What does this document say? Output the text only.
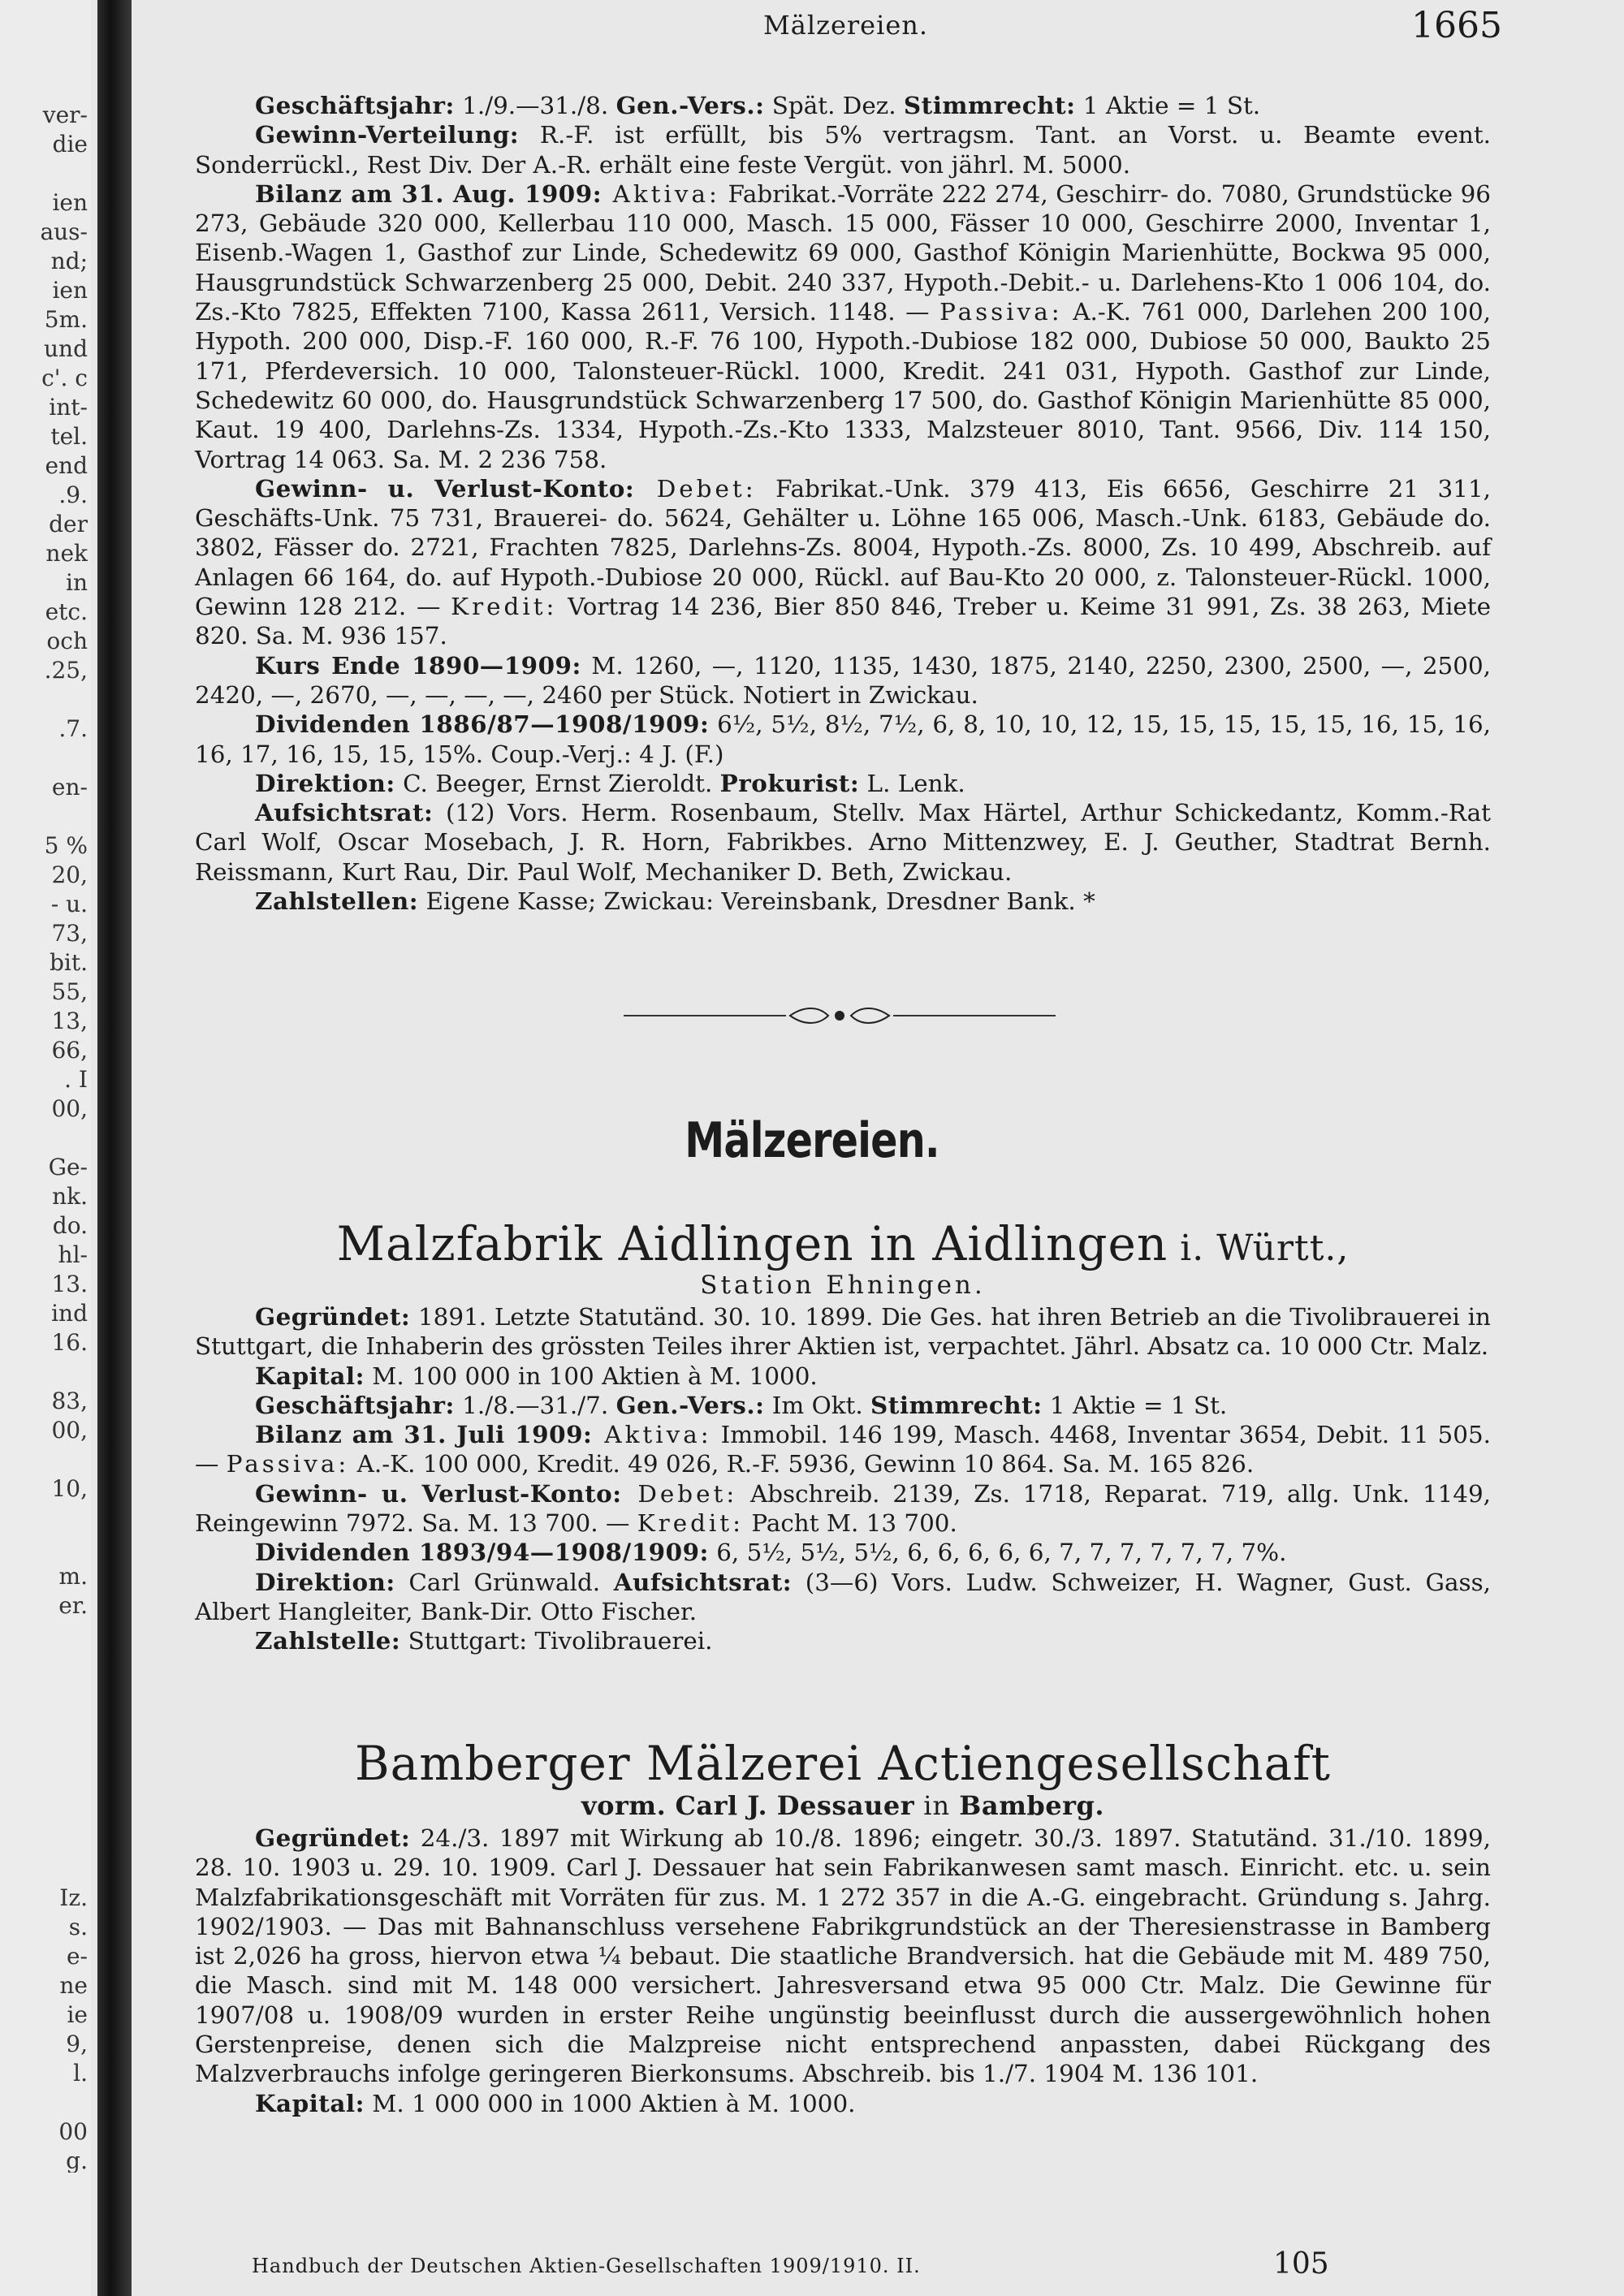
ver-
die
ien
aus-
nd;
ien
5m.
und
c'. c
int-
tel.
end
.9.
der
nek
in
etc.
och
.25,
.7.
en-
5 %
20,
- u.
73,
bit.
55,
13,
66,
. I
00,
Ge-
nk.
do.
hl-
13.
ind
16.
83,
00,
10,
m.
er.
Iz.
s.
e-
ne
ie
9,
l.
00
g.
Mälzereien.	1665

Geschäftsjahr: 1./9.—31./8. Gen.-Vers.: Spät. Dez. Stimmrecht: 1 Aktie = 1 St.

Gewinn-Verteilung: R.-F. ist erfüllt, bis 5% vertragsm. Tant. an Vorst. u. Beamte event. Sonderrückl., Rest Div. Der A.-R. erhält eine feste Vergüt. von jährl. M. 5000.

Bilanz am 31. Aug. 1909: Aktiva: Fabrikat.-Vorräte 222 274, Geschirr- do. 7080, Grundstücke 96 273, Gebäude 320 000, Kellerbau 110 000, Masch. 15 000, Fässer 10 000, Geschirre 2000, Inventar 1, Eisenb.-Wagen 1, Gasthof zur Linde, Schedewitz 69 000, Gasthof Königin Marienhütte, Bockwa 95 000, Hausgrundstück Schwarzenberg 25 000, Debit. 240 337, Hypoth.-Debit.- u. Darlehens-Kto 1 006 104, do. Zs.-Kto 7825, Effekten 7100, Kassa 2611, Versich. 1148. — Passiva: A.-K. 761 000, Darlehen 200 100, Hypoth. 200 000, Disp.-F. 160 000, R.-F. 76 100, Hypoth.-Dubiose 182 000, Dubiose 50 000, Baukto 25 171, Pferdeversich. 10 000, Talonsteuer-Rückl. 1000, Kredit. 241 031, Hypoth. Gasthof zur Linde, Schedewitz 60 000, do. Hausgrundstück Schwarzenberg 17 500, do. Gasthof Königin Marienhütte 85 000, Kaut. 19 400, Darlehns-Zs. 1334, Hypoth.-Zs.-Kto 1333, Malzsteuer 8010, Tant. 9566, Div. 114 150, Vortrag 14 063. Sa. M. 2 236 758.

Gewinn- u. Verlust-Konto: Debet: Fabrikat.-Unk. 379 413, Eis 6656, Geschirre 21 311, Geschäfts-Unk. 75 731, Brauerei- do. 5624, Gehälter u. Löhne 165 006, Masch.-Unk. 6183, Gebäude do. 3802, Fässer do. 2721, Frachten 7825, Darlehns-Zs. 8004, Hypoth.-Zs. 8000, Zs. 10 499, Abschreib. auf Anlagen 66 164, do. auf Hypoth.-Dubiose 20 000, Rückl. auf Bau-Kto 20 000, z. Talonsteuer-Rückl. 1000, Gewinn 128 212. — Kredit: Vortrag 14 236, Bier 850 846, Treber u. Keime 31 991, Zs. 38 263, Miete 820. Sa. M. 936 157.

Kurs Ende 1890—1909: M. 1260, —, 1120, 1135, 1430, 1875, 2140, 2250, 2300, 2500, —, 2500, 2420, —, 2670, —, —, —, —, 2460 per Stück. Notiert in Zwickau.

Dividenden 1886/87—1908/1909: 6½, 5½, 8½, 7½, 6, 8, 10, 10, 12, 15, 15, 15, 15, 15, 16, 15, 16, 16, 17, 16, 15, 15, 15%. Coup.-Verj.: 4 J. (F.)

Direktion: C. Beeger, Ernst Zieroldt. Prokurist: L. Lenk.

Aufsichtsrat: (12) Vors. Herm. Rosenbaum, Stellv. Max Härtel, Arthur Schickedantz, Komm.-Rat Carl Wolf, Oscar Mosebach, J. R. Horn, Fabrikbes. Arno Mittenzwey, E. J. Geuther, Stadtrat Bernh. Reissmann, Kurt Rau, Dir. Paul Wolf, Mechaniker D. Beth, Zwickau.

Zahlstellen: Eigene Kasse; Zwickau: Vereinsbank, Dresdner Bank. *

Mälzereien.
Malzfabrik Aidlingen in Aidlingen i. Württ.,
Station Ehningen.

Gegründet: 1891. Letzte Statutänd. 30. 10. 1899. Die Ges. hat ihren Betrieb an die Tivolibrauerei in Stuttgart, die Inhaberin des grössten Teiles ihrer Aktien ist, verpachtet. Jährl. Absatz ca. 10 000 Ctr. Malz.

Kapital: M. 100 000 in 100 Aktien à M. 1000.

Geschäftsjahr: 1./8.—31./7. Gen.-Vers.: Im Okt. Stimmrecht: 1 Aktie = 1 St.

Bilanz am 31. Juli 1909: Aktiva: Immobil. 146 199, Masch. 4468, Inventar 3654, Debit. 11 505. — Passiva: A.-K. 100 000, Kredit. 49 026, R.-F. 5936, Gewinn 10 864. Sa. M. 165 826.

Gewinn- u. Verlust-Konto: Debet: Abschreib. 2139, Zs. 1718, Reparat. 719, allg. Unk. 1149, Reingewinn 7972. Sa. M. 13 700. — Kredit: Pacht M. 13 700.

Dividenden 1893/94—1908/1909: 6, 5½, 5½, 5½, 6, 6, 6, 6, 6, 7, 7, 7, 7, 7, 7, 7%.

Direktion: Carl Grünwald. Aufsichtsrat: (3—6) Vors. Ludw. Schweizer, H. Wagner, Gust. Gass, Albert Hangleiter, Bank-Dir. Otto Fischer.

Zahlstelle: Stuttgart: Tivolibrauerei.

Bamberger Mälzerei Actiengesellschaft
vorm. Carl J. Dessauer in Bamberg.

Gegründet: 24./3. 1897 mit Wirkung ab 10./8. 1896; eingetr. 30./3. 1897. Statutänd. 31./10. 1899, 28. 10. 1903 u. 29. 10. 1909. Carl J. Dessauer hat sein Fabrikanwesen samt masch. Einricht. etc. u. sein Malzfabrikationsgeschäft mit Vorräten für zus. M. 1 272 357 in die A.-G. eingebracht. Gründung s. Jahrg. 1902/1903. — Das mit Bahnanschluss versehene Fabrikgrundstück an der Theresienstrasse in Bamberg ist 2,026 ha gross, hiervon etwa ¼ bebaut. Die staatliche Brandversich. hat die Gebäude mit M. 489 750, die Masch. sind mit M. 148 000 versichert. Jahresversand etwa 95 000 Ctr. Malz. Die Gewinne für 1907/08 u. 1908/09 wurden in erster Reihe ungünstig beeinflusst durch die aussergewöhnlich hohen Gerstenpreise, denen sich die Malzpreise nicht entsprechend anpassten, dabei Rückgang des Malzverbrauchs infolge geringeren Bierkonsums. Abschreib. bis 1./7. 1904 M. 136 101.

Kapital: M. 1 000 000 in 1000 Aktien à M. 1000.

Handbuch der Deutschen Aktien-Gesellschaften 1909/1910. II.	105
